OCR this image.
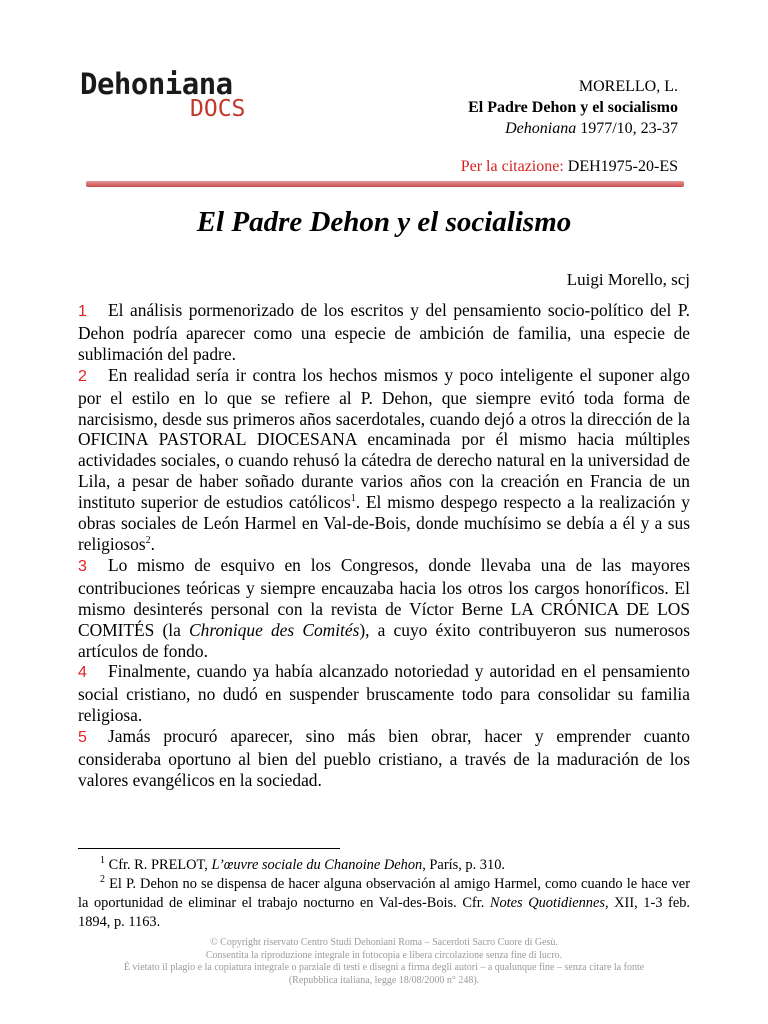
Dehoniana
DOCS
MORELLO, L.
El Padre Dehon y el socialismo
Dehoniana 1977/10, 23-37
Per la citazione: DEH1975-20-ES
El Padre Dehon y el socialismo
Luigi Morello, scj

1 El análisis pormenorizado de los escritos y del pensamiento socio-político del P. Dehon podría aparecer como una especie de ambición de familia, una especie de sublimación del padre.

2 En realidad sería ir contra los hechos mismos y poco inteligente el suponer algo por el estilo en lo que se refiere al P. Dehon, que siempre evitó toda forma de narcisismo, desde sus primeros años sacerdotales, cuando dejó a otros la dirección de la OFICINA PASTORAL DIOCESANA encaminada por él mismo hacia múltiples actividades sociales, o cuando rehusó la cátedra de derecho natural en la universidad de Lila, a pesar de haber soñado durante varios años con la creación en Francia de un instituto superior de estudios católicos$^1$. El mismo despego respecto a la realización y obras sociales de León Harmel en Val-de-Bois, donde muchísimo se debía a él y a sus religiosos$^2$.

3 Lo mismo de esquivo en los Congresos, donde llevaba una de las mayores contribuciones teóricas y siempre encauzaba hacia los otros los cargos honoríficos. El mismo desinterés personal con la revista de Víctor Berne LA CRÓNICA DE LOS COMITÉS (la Chronique des Comités), a cuyo éxito contribuyeron sus numerosos artículos de fondo.

4 Finalmente, cuando ya había alcanzado notoriedad y autoridad en el pensamiento social cristiano, no dudó en suspender bruscamente todo para consolidar su familia religiosa.

5 Jamás procuró aparecer, sino más bien obrar, hacer y emprender cuanto consideraba oportuno al bien del pueblo cristiano, a través de la maduración de los valores evangélicos en la sociedad.

$^1$ Cfr. R. PRELOT, L’œuvre sociale du Chanoine Dehon, París, p. 310.

$^2$ El P. Dehon no se dispensa de hacer alguna observación al amigo Harmel, como cuando le hace ver la oportunidad de eliminar el trabajo nocturno en Val-des-Bois. Cfr. Notes Quotidiennes, XII, 1-3 feb. 1894, p. 1163.

© Copyright riservato Centro Studi Dehoniani Roma – Sacerdoti Sacro Cuore di Gesù.
Consentita la riproduzione integrale in fotocopia e libera circolazione senza fine di lucro.
È vietato il plagio e la copiatura integrale o parziale di testi e disegni a firma degli autori – a qualunque fine – senza citare la fonte
(Repubblica italiana, legge 18/08/2000 n° 248).
